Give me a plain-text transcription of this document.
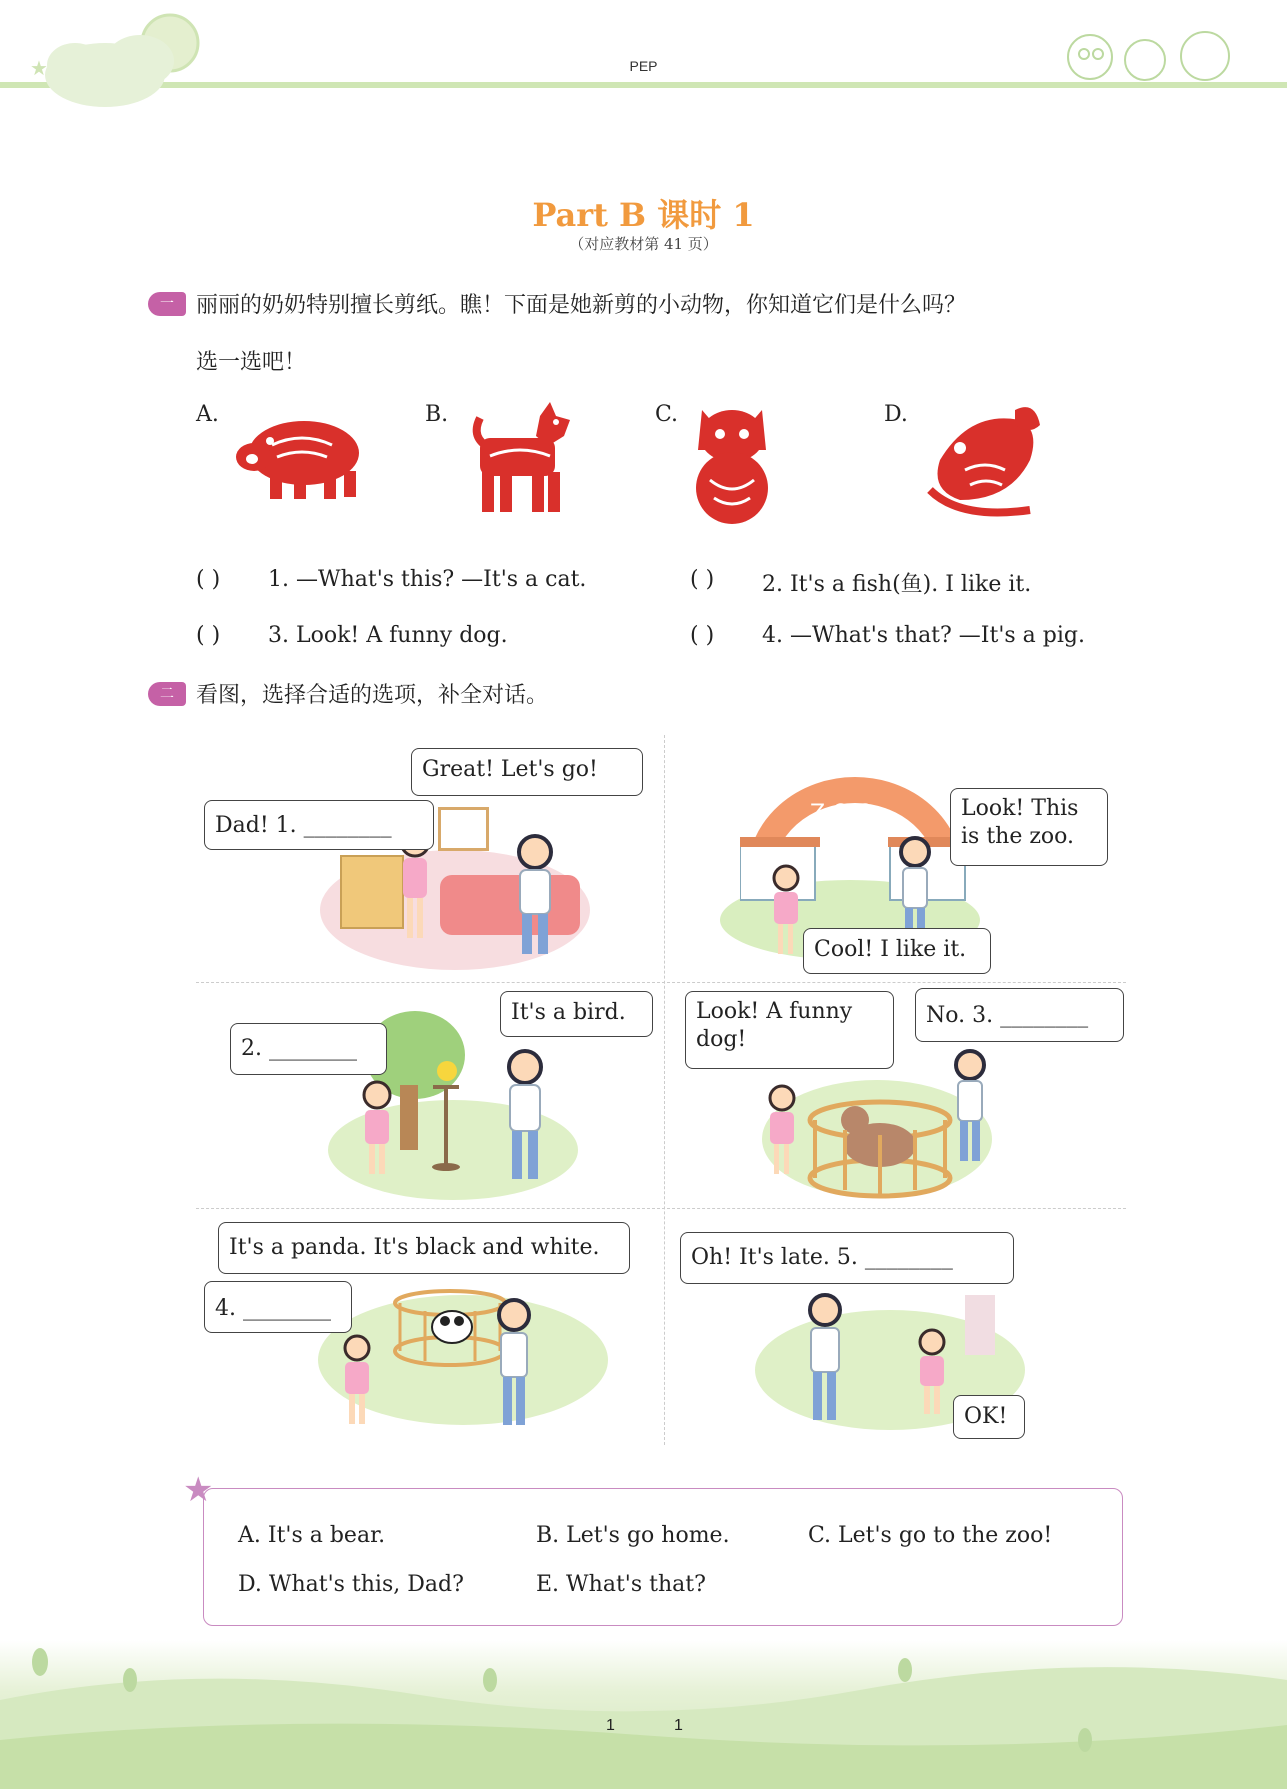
★	PEP
Part B 课时 1
（对应教材第 41 页）
一	丽丽的奶奶特别擅长剪纸。瞧！下面是她新剪的小动物，你知道它们是什么吗？
选一选吧！
A.	B.	C.	D.
( ) 1. —What's this? —It's a cat.	( ) 2. It's a fish(鱼). I like it.
( ) 3. Look! A funny dog.	( ) 4. —What's that? —It's a pig.
二	看图，选择合适的选项，补全对话。
Great! Let's go!
Dad! 1. ________	Z O O	Look! This is the zoo.
Cool! I like it.
It's a bird.
2. ________
Look! A funny dog!
No. 3. ________
It's a panda. It's black and white.
4. ________
Oh! It's late. 5. ________
OK!
★
A. It's a bear.	B. Let's go home.	C. Let's go to the zoo!
D. What's this, Dad?	E. What's that?
1	1
